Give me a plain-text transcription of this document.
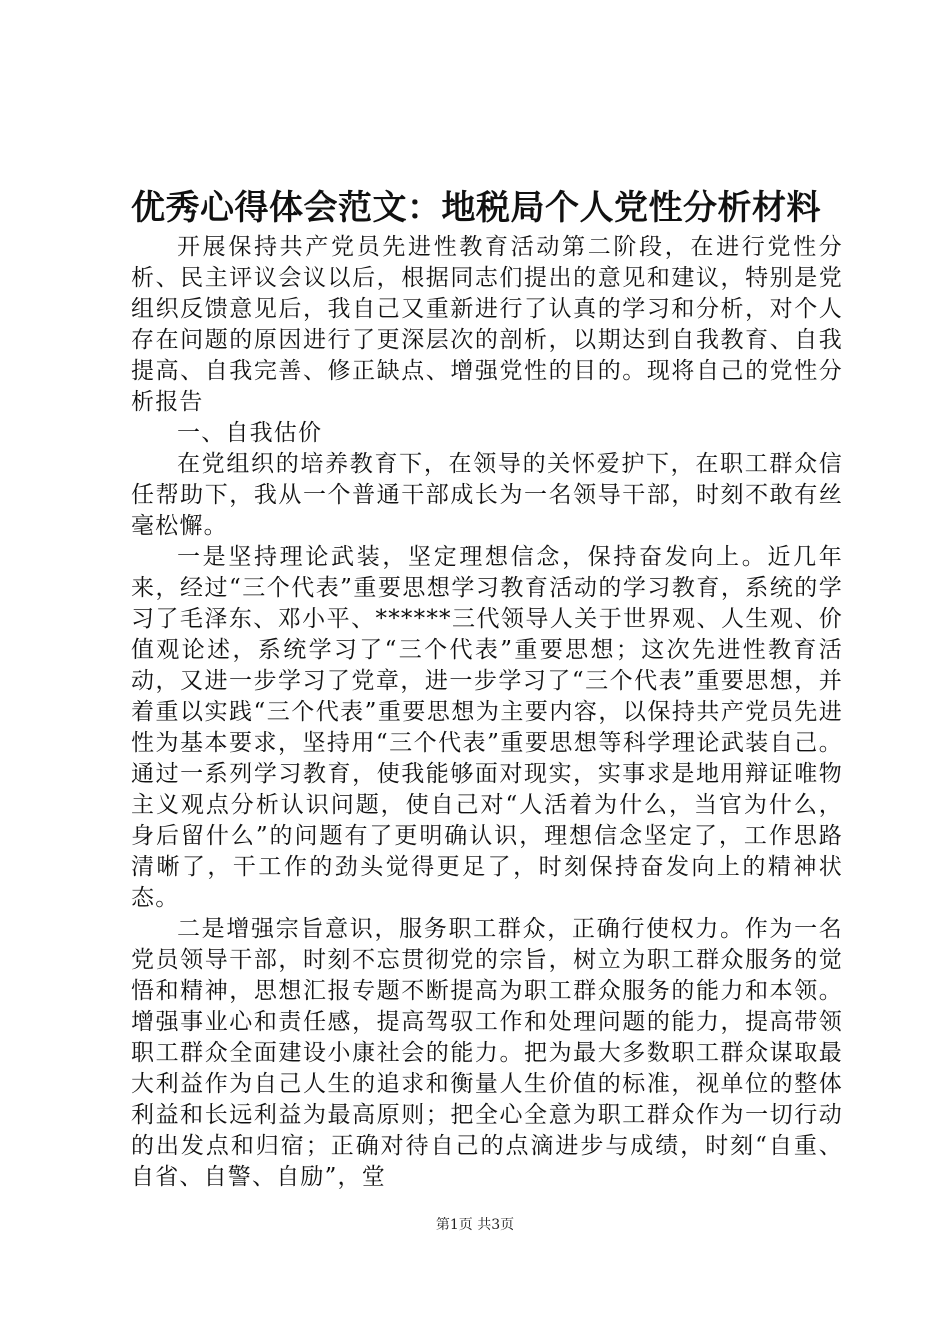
优秀心得体会范文：地税局个人党性分析材料

开展保持共产党员先进性教育活动第二阶段，在进行党性分析、民主评议会议以后，根据同志们提出的意见和建议，特别是党组织反馈意见后，我自己又重新进行了认真的学习和分析，对个人存在问题的原因进行了更深层次的剖析，以期达到自我教育、自我提高、自我完善、修正缺点、增强党性的目的。现将自己的党性分析报告

一、自我估价

在党组织的培养教育下，在领导的关怀爱护下，在职工群众信任帮助下，我从一个普通干部成长为一名领导干部，时刻不敢有丝毫松懈。

一是坚持理论武装，坚定理想信念，保持奋发向上。近几年来，经过“三个代表”重要思想学习教育活动的学习教育，系统的学习了毛泽东、邓小平、******三代领导人关于世界观、人生观、价值观论述，系统学习了“三个代表”重要思想；这次先进性教育活动，又进一步学习了党章，进一步学习了“三个代表”重要思想，并着重以实践“三个代表”重要思想为主要内容，以保持共产党员先进性为基本要求，坚持用“三个代表”重要思想等科学理论武装自己。通过一系列学习教育，使我能够面对现实，实事求是地用辩证唯物主义观点分析认识问题，使自己对“人活着为什么，当官为什么，身后留什么”的问题有了更明确认识，理想信念坚定了，工作思路清晰了，干工作的劲头觉得更足了，时刻保持奋发向上的精神状态。

二是增强宗旨意识，服务职工群众，正确行使权力。作为一名党员领导干部，时刻不忘贯彻党的宗旨，树立为职工群众服务的觉悟和精神，思想汇报专题不断提高为职工群众服务的能力和本领。增强事业心和责任感，提高驾驭工作和处理问题的能力，提高带领职工群众全面建设小康社会的能力。把为最大多数职工群众谋取最大利益作为自己人生的追求和衡量人生价值的标准，视单位的整体利益和长远利益为最高原则；把全心全意为职工群众作为一切行动的出发点和归宿；正确对待自己的点滴进步与成绩，时刻“自重、自省、自警、自励”，堂

第1页 共3页
